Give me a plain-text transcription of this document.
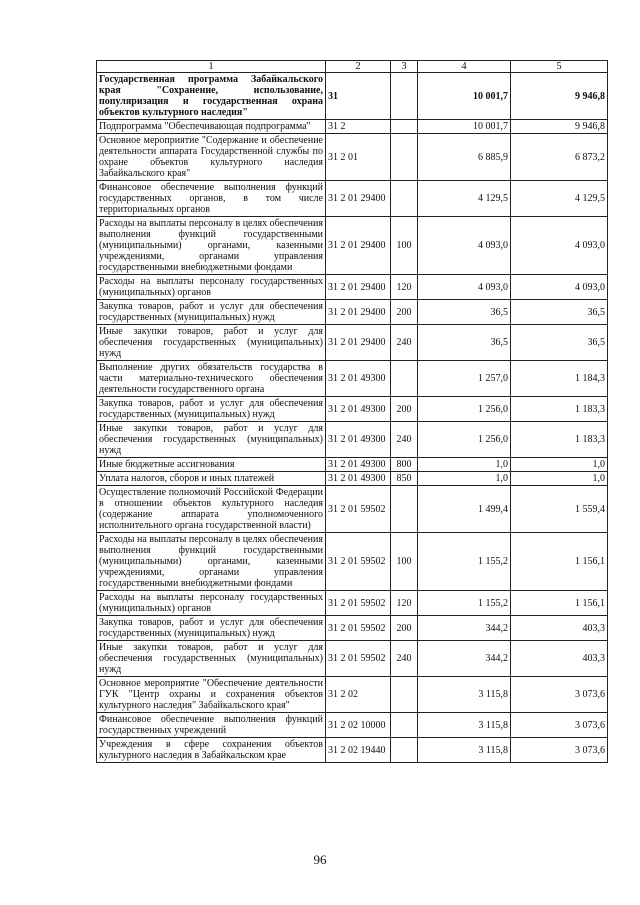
1	2	3	4	5
Государственная программа Забайкальского края "Сохранение, использование, популяризация и государственная охрана объектов культурного наследия"	31		10 001,7	9 946,8
Подпрограмма "Обеспечивающая подпрограмма"	31 2		10 001,7	9 946,8
Основное мероприятие "Содержание и обеспечение деятельности аппарата Государственной службы по охране объектов культурного наследия Забайкальского края"	31 2 01		6 885,9	6 873,2
Финансовое обеспечение выполнения функций государственных органов, в том числе территориальных органов	31 2 01 29400		4 129,5	4 129,5
Расходы на выплаты персоналу в целях обеспечения выполнения функций государственными (муниципальными) органами, казенными учреждениями, органами управления государственными внебюджетными фондами	31 2 01 29400	100	4 093,0	4 093,0
Расходы на выплаты персоналу государственных (муниципальных) органов	31 2 01 29400	120	4 093,0	4 093,0
Закупка товаров, работ и услуг для обеспечения государственных (муниципальных) нужд	31 2 01 29400	200	36,5	36,5
Иные закупки товаров, работ и услуг для обеспечения государственных (муниципальных) нужд	31 2 01 29400	240	36,5	36,5
Выполнение других обязательств государства в части материально-технического обеспечения деятельности государственного органа	31 2 01 49300		1 257,0	1 184,3
Закупка товаров, работ и услуг для обеспечения государственных (муниципальных) нужд	31 2 01 49300	200	1 256,0	1 183,3
Иные закупки товаров, работ и услуг для обеспечения государственных (муниципальных) нужд	31 2 01 49300	240	1 256,0	1 183,3
Иные бюджетные ассигнования	31 2 01 49300	800	1,0	1,0
Уплата налогов, сборов и иных платежей	31 2 01 49300	850	1,0	1,0
Осуществление полномочий Российской Федерации в отношении объектов культурного наследия (содержание аппарата уполномоченного исполнительного органа государственной власти)	31 2 01 59502		1 499,4	1 559,4
Расходы на выплаты персоналу в целях обеспечения выполнения функций государственными (муниципальными) органами, казенными учреждениями, органами управления государственными внебюджетными фондами	31 2 01 59502	100	1 155,2	1 156,1
Расходы на выплаты персоналу государственных (муниципальных) органов	31 2 01 59502	120	1 155,2	1 156,1
Закупка товаров, работ и услуг для обеспечения государственных (муниципальных) нужд	31 2 01 59502	200	344,2	403,3
Иные закупки товаров, работ и услуг для обеспечения государственных (муниципальных) нужд	31 2 01 59502	240	344,2	403,3
Основное мероприятие "Обеспечение деятельности ГУК "Центр охраны и сохранения объектов культурного наследия" Забайкальского края"	31 2 02		3 115,8	3 073,6
Финансовое обеспечение выполнения функций государственных учреждений	31 2 02 10000		3 115,8	3 073,6
Учреждения в сфере сохранения объектов культурного наследия в Забайкальском крае	31 2 02 19440		3 115,8	3 073,6
96
